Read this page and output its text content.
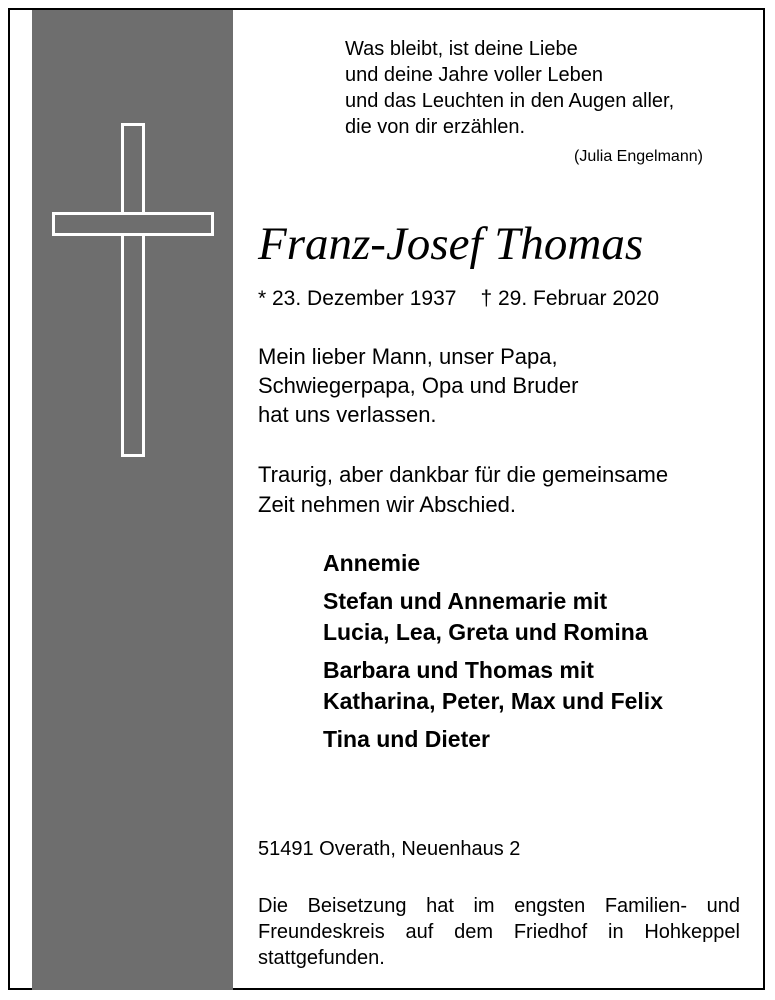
Was bleibt, ist deine Liebe
und deine Jahre voller Leben
und das Leuchten in den Augen aller,
die von dir erzählen.
(Julia Engelmann)
Franz-Josef Thomas
* 23. Dezember 1937 † 29. Februar 2020
Mein lieber Mann, unser Papa,
Schwiegerpapa, Opa und Bruder
hat uns verlassen.
Traurig, aber dankbar für die gemeinsame
Zeit nehmen wir Abschied.
Annemie
Stefan und Annemarie mit
Lucia, Lea, Greta und Romina
Barbara und Thomas mit
Katharina, Peter, Max und Felix
Tina und Dieter
51491 Overath, Neuenhaus 2
Die Beisetzung hat im engsten Familien- und
Freundeskreis auf dem Friedhof in Hohkeppel
stattgefunden.
